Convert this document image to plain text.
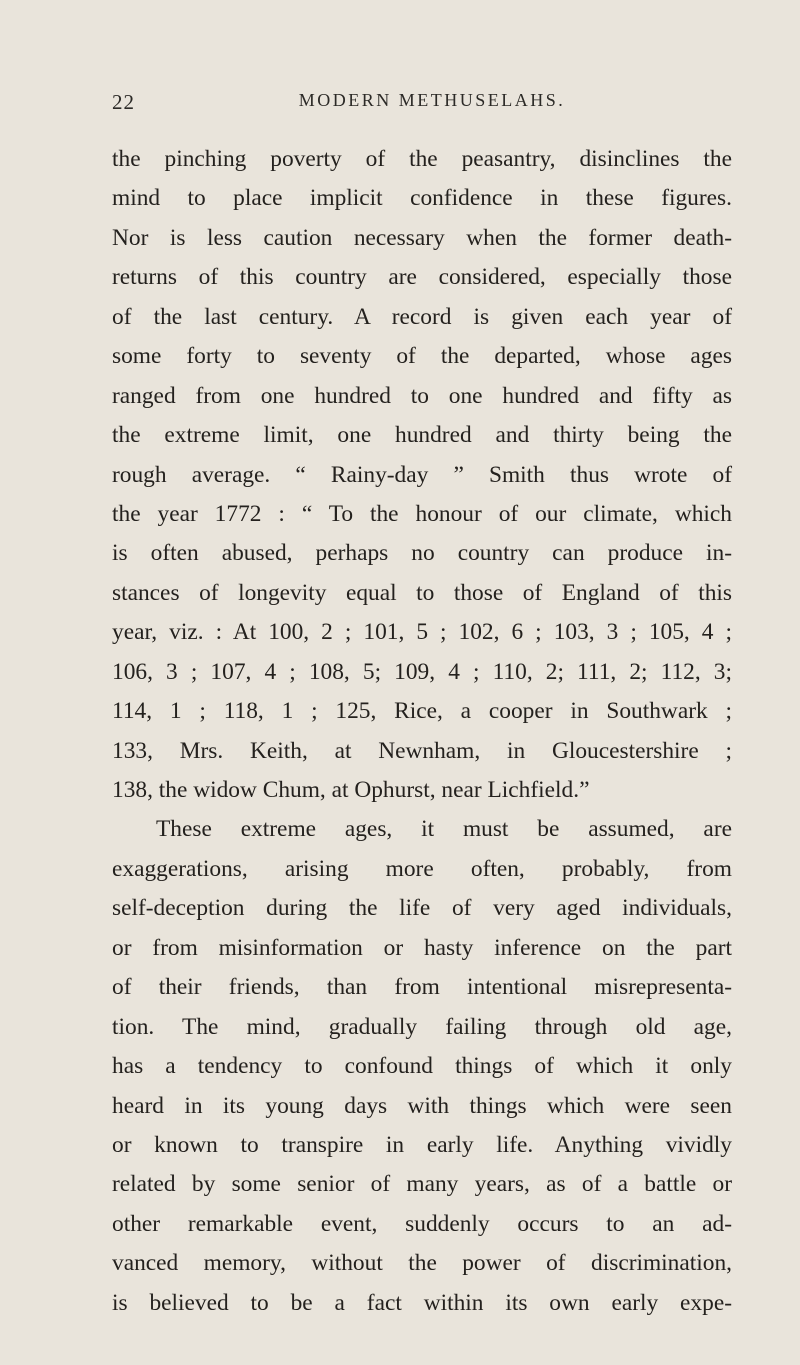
22	MODERN METHUSELAHS.
the pinching poverty of the peasantry, disinclines the
mind to place implicit confidence in these figures.
Nor is less caution necessary when the former death-
returns of this country are considered, especially those
of the last century. A record is given each year of
some forty to seventy of the departed, whose ages
ranged from one hundred to one hundred and fifty as
the extreme limit, one hundred and thirty being the
rough average. “ Rainy-day ” Smith thus wrote of
the year 1772 : “ To the honour of our climate, which
is often abused, perhaps no country can produce in-
stances of longevity equal to those of England of this
year, viz. : At 100, 2 ; 101, 5 ; 102, 6 ; 103, 3 ; 105, 4 ;
106, 3 ; 107, 4 ; 108, 5; 109, 4 ; 110, 2; 111, 2; 112, 3;
114, 1 ; 118, 1 ; 125, Rice, a cooper in Southwark ;
133, Mrs. Keith, at Newnham, in Gloucestershire ;
138, the widow Chum, at Ophurst, near Lichfield.”
These extreme ages, it must be assumed, are
exaggerations, arising more often, probably, from
self-deception during the life of very aged individuals,
or from misinformation or hasty inference on the part
of their friends, than from intentional misrepresenta-
tion. The mind, gradually failing through old age,
has a tendency to confound things of which it only
heard in its young days with things which were seen
or known to transpire in early life. Anything vividly
related by some senior of many years, as of a battle or
other remarkable event, suddenly occurs to an ad-
vanced memory, without the power of discrimination,
is believed to be a fact within its own early expe-
